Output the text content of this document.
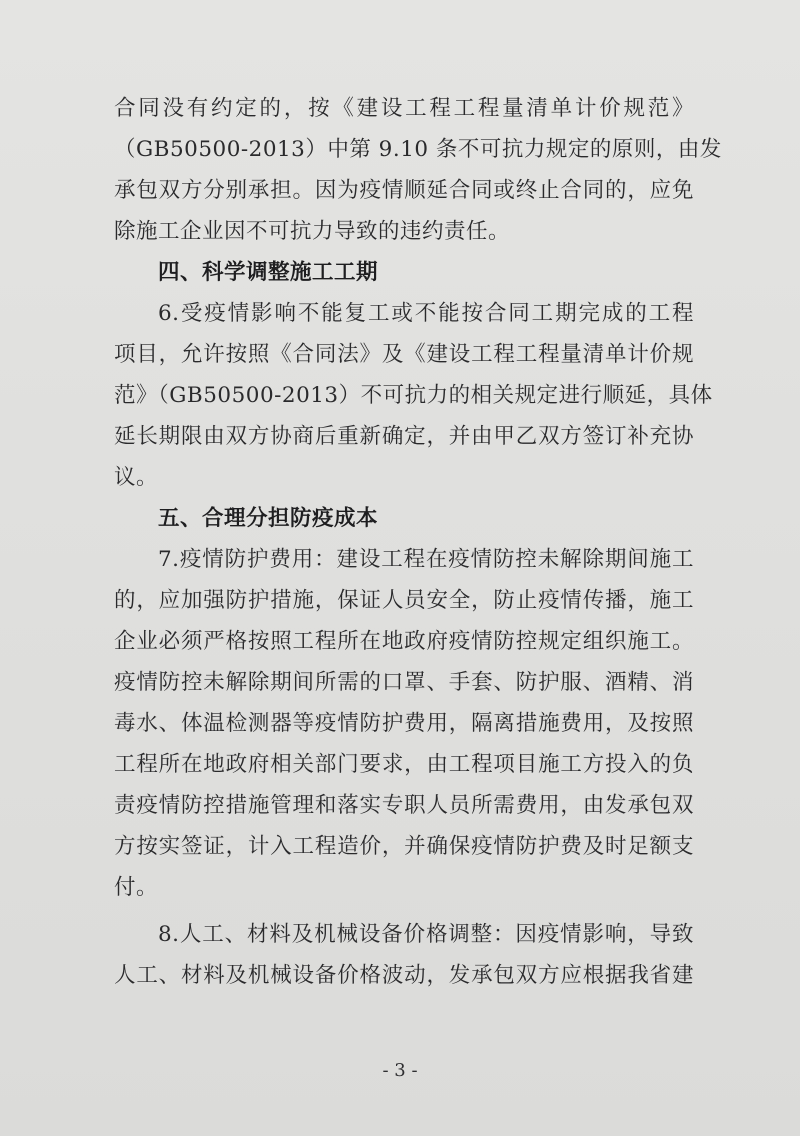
合同没有约定的，按《建设工程工程量清单计价规范》
（GB50500-2013）中第 9.10 条不可抗力规定的原则，由发
承包双方分别承担。因为疫情顺延合同或终止合同的，应免
除施工企业因不可抗力导致的违约责任。
四、科学调整施工工期
6.受疫情影响不能复工或不能按合同工期完成的工程
项目，允许按照《合同法》及《建设工程工程量清单计价规
范》（GB50500-2013）不可抗力的相关规定进行顺延，具体
延长期限由双方协商后重新确定，并由甲乙双方签订补充协
议。
五、合理分担防疫成本
7.疫情防护费用：建设工程在疫情防控未解除期间施工
的，应加强防护措施，保证人员安全，防止疫情传播，施工
企业必须严格按照工程所在地政府疫情防控规定组织施工。
疫情防控未解除期间所需的口罩、手套、防护服、酒精、消
毒水、体温检测器等疫情防护费用，隔离措施费用，及按照
工程所在地政府相关部门要求，由工程项目施工方投入的负
责疫情防控措施管理和落实专职人员所需费用，由发承包双
方按实签证，计入工程造价，并确保疫情防护费及时足额支
付。
8.人工、材料及机械设备价格调整：因疫情影响，导致
人工、材料及机械设备价格波动，发承包双方应根据我省建
- 3 -
